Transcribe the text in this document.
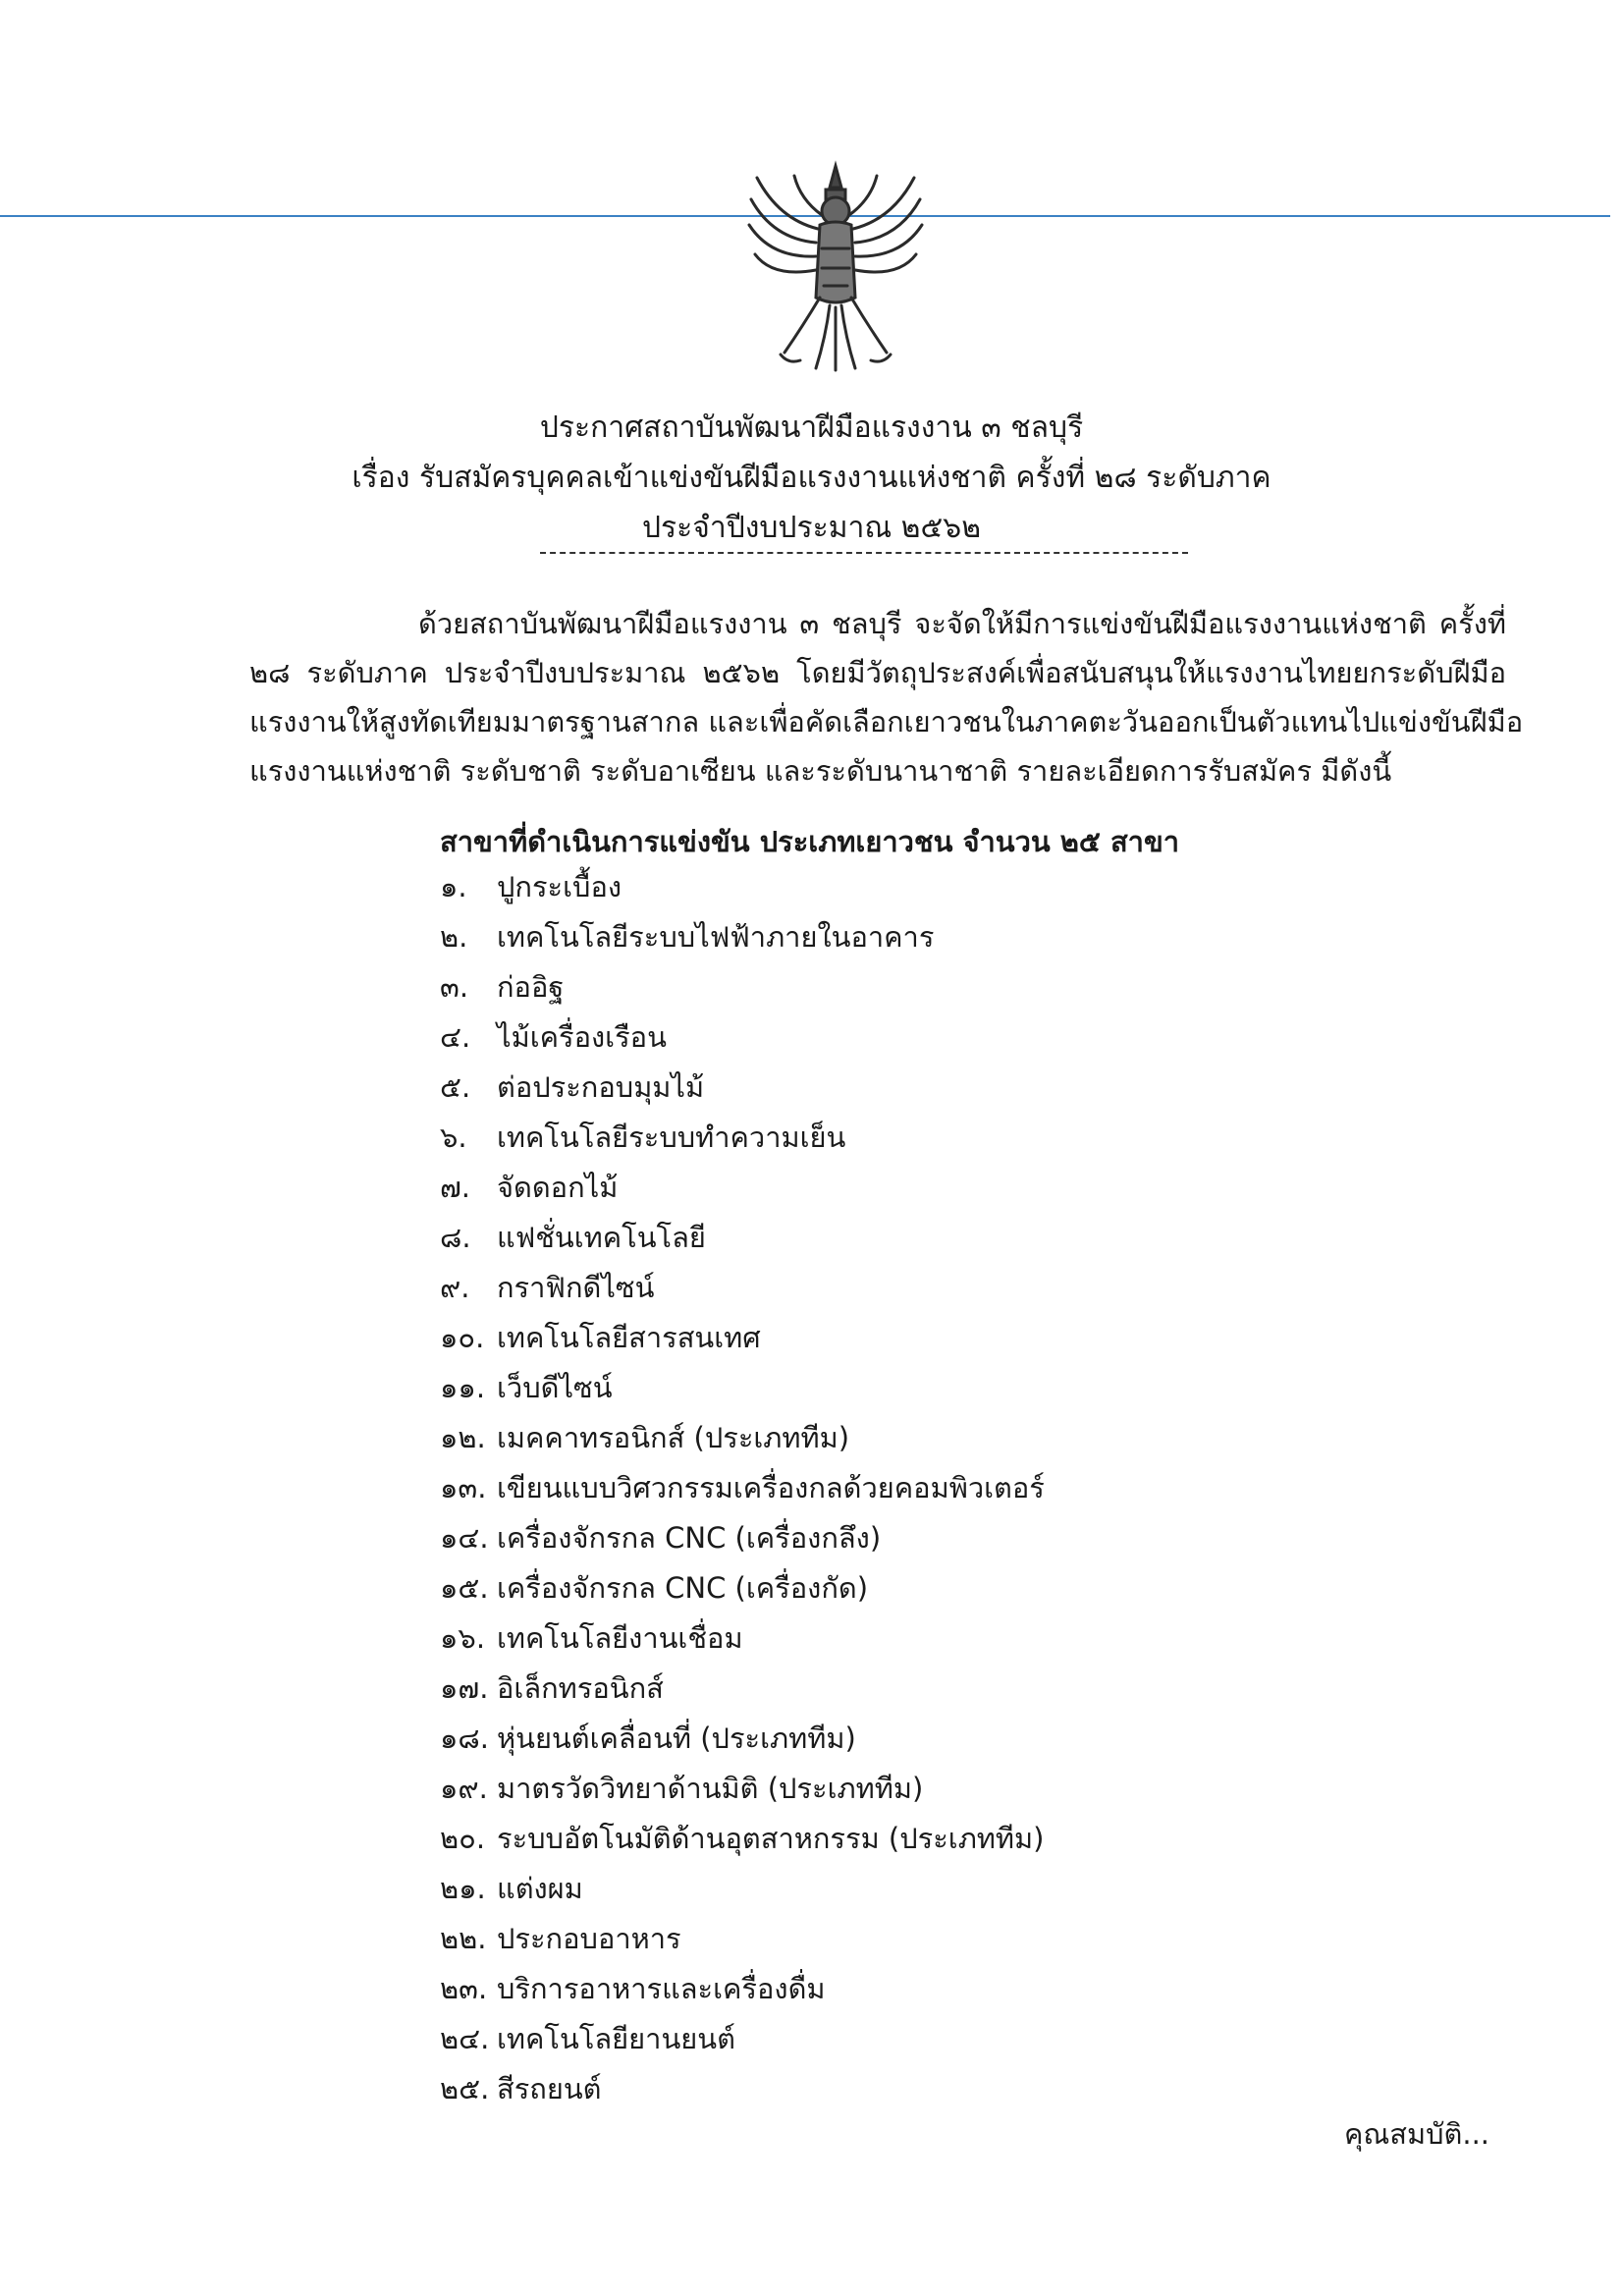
ประกาศสถาบันพัฒนาฝีมือแรงงาน ๓ ชลบุรี
เรื่อง รับสมัครบุคคลเข้าแข่งขันฝีมือแรงงานแห่งชาติ ครั้งที่ ๒๘ ระดับภาค
ประจำปีงบประมาณ ๒๕๖๒
ด้วยสถาบันพัฒนาฝีมือแรงงาน ๓ ชลบุรี จะจัดให้มีการแข่งขันฝีมือแรงงานแห่งชาติ ครั้งที่
๒๘ ระดับภาค ประจำปีงบประมาณ ๒๕๖๒ โดยมีวัตถุประสงค์เพื่อสนับสนุนให้แรงงานไทยยกระดับฝีมือ
แรงงานให้สูงทัดเทียมมาตรฐานสากล และเพื่อคัดเลือกเยาวชนในภาคตะวันออกเป็นตัวแทนไปแข่งขันฝีมือ
แรงงานแห่งชาติ ระดับชาติ ระดับอาเซียน และระดับนานาชาติ รายละเอียดการรับสมัคร มีดังนี้
สาขาที่ดำเนินการแข่งขัน ประเภทเยาวชน จำนวน ๒๕ สาขา
๑.	ปูกระเบื้อง
๒.	เทคโนโลยีระบบไฟฟ้าภายในอาคาร
๓. ก่ออิฐ
๔. ไม้เครื่องเรือน
๕. ต่อประกอบมุมไม้
๖.	เทคโนโลยีระบบทำความเย็น
๗. จัดดอกไม้
๘. แฟชั่นเทคโนโลยี
๙. กราฟิกดีไซน์
๑๐. เทคโนโลยีสารสนเทศ
๑๑. เว็บดีไซน์
๑๒. เมคคาทรอนิกส์ (ประเภททีม)
๑๓. เขียนแบบวิศวกรรมเครื่องกลด้วยคอมพิวเตอร์
๑๔. เครื่องจักรกล CNC (เครื่องกลึง)
๑๕. เครื่องจักรกล CNC (เครื่องกัด)
๑๖. เทคโนโลยีงานเชื่อม
๑๗. อิเล็กทรอนิกส์
๑๘. หุ่นยนต์เคลื่อนที่ (ประเภททีม)
๑๙. มาตรวัดวิทยาด้านมิติ (ประเภททีม)
๒๐. ระบบอัตโนมัติด้านอุตสาหกรรม (ประเภททีม)
๒๑. แต่งผม
๒๒. ประกอบอาหาร
๒๓. บริการอาหารและเครื่องดื่ม
๒๔. เทคโนโลยียานยนต์
๒๕. สีรถยนต์
คุณสมบัติ...
